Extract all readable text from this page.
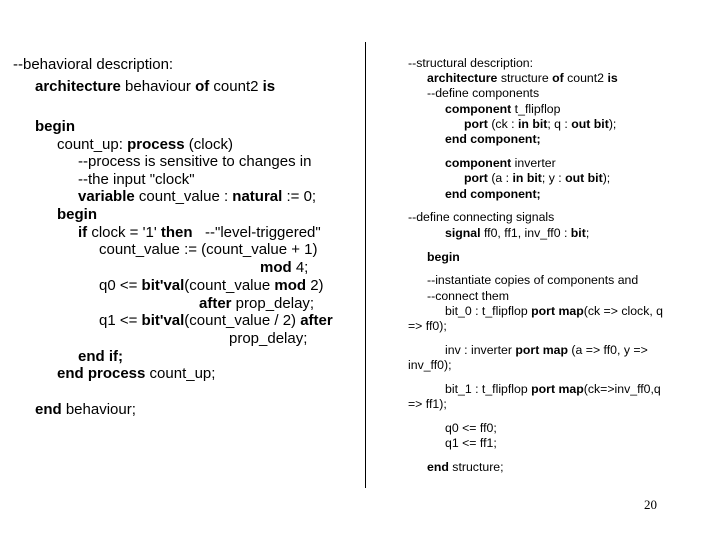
--behavioral description:
architecture behaviour of count2 is
begin
count_up: process (clock)
--process is sensitive to changes in
--the input "clock"
variable count_value : natural := 0;
begin
if clock = '1' then   --"level-triggered"
count_value := (count_value + 1)
mod 4;
q0 <= bit'val(count_value mod 2)
after prop_delay;
q1 <= bit'val(count_value / 2) after
prop_delay;
end if;
end process count_up;
end behaviour;
--structural description:
architecture structure of count2 is
--define components
component t_flipflop
port (ck : in bit; q : out bit);
end component;
component inverter
port (a : in bit; y : out bit);
end component;
--define connecting signals
signal ff0, ff1, inv_ff0 : bit;
begin
--instantiate copies of components and
--connect them
bit_0 : t_flipflop port map(ck => clock, q
=> ff0);
inv : inverter port map (a => ff0, y =>
inv_ff0);
bit_1 : t_flipflop port map(ck=>inv_ff0,q
=> ff1);
q0 <= ff0;
q1 <= ff1;
end structure;
20
